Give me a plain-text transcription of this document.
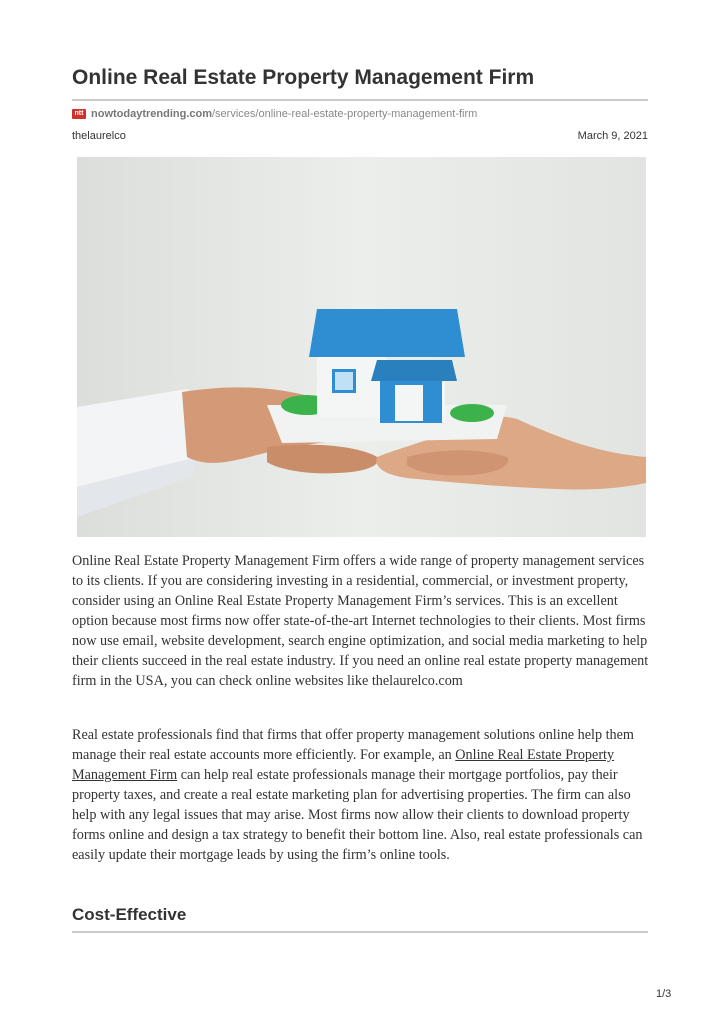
Online Real Estate Property Management Firm
ntt nowtodaytrending.com /services/online-real-estate-property-management-firm
thelaurelco	March 9, 2021
Online Real Estate Property Management Firm offers a wide range of property management services to its clients. If you are considering investing in a residential, commercial, or investment property, consider using an Online Real Estate Property Management Firm’s services. This is an excellent option because most firms now offer state-of-the-art Internet technologies to their clients. Most firms now use email, website development, search engine optimization, and social media marketing to help their clients succeed in the real estate industry. If you need an online real estate property management firm in the USA, you can check online websites like thelaurelco.com
Real estate professionals find that firms that offer property management solutions online help them manage their real estate accounts more efficiently. For example, an Online Real Estate Property Management Firm can help real estate professionals manage their mortgage portfolios, pay their property taxes, and create a real estate marketing plan for advertising properties. The firm can also help with any legal issues that may arise. Most firms now allow their clients to download property forms online and design a tax strategy to benefit their bottom line. Also, real estate professionals can easily update their mortgage leads by using the firm’s online tools.
Cost-Effective
1/3
